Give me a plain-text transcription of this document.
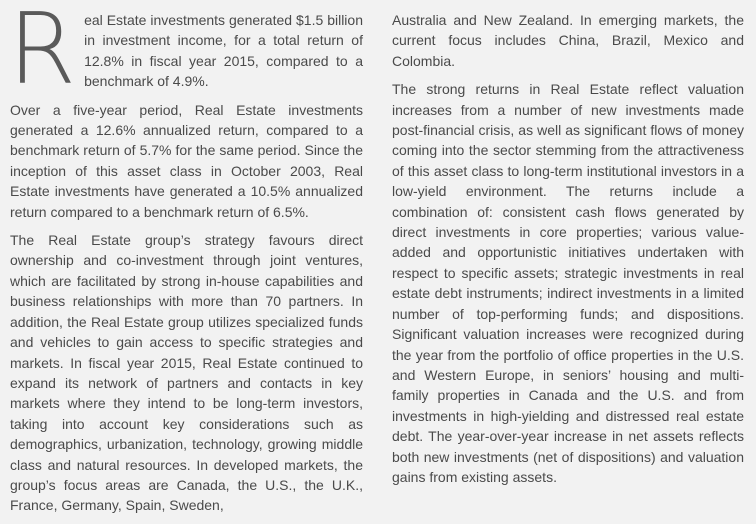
Real Estate investments generated $1.5 billion in investment income, for a total return of 12.8% in fiscal year 2015, compared to a benchmark of 4.9%.

Over a five-year period, Real Estate investments generated a 12.6% annualized return, compared to a benchmark return of 5.7% for the same period. Since the inception of this asset class in October 2003, Real Estate investments have generated a 10.5% annualized return compared to a benchmark return of 6.5%.

The Real Estate group’s strategy favours direct ownership and co-investment through joint ventures, which are facilitated by strong in-house capabilities and business relationships with more than 70 partners. In addition, the Real Estate group utilizes specialized funds and vehicles to gain access to specific strategies and markets. In fiscal year 2015, Real Estate continued to expand its network of partners and contacts in key markets where they intend to be long-term investors, taking into account key considerations such as demographics, urbanization, technology, growing middle class and natural resources. In developed markets, the group’s focus areas are Canada, the U.S., the U.K., France, Germany, Spain, Sweden,

Australia and New Zealand. In emerging markets, the current focus includes China, Brazil, Mexico and Colombia.

The strong returns in Real Estate reflect valuation increases from a number of new investments made post-financial crisis, as well as significant flows of money coming into the sector stemming from the attractiveness of this asset class to long-term institutional investors in a low-yield environment. The returns include a combination of: consistent cash flows generated by direct investments in core properties; various value-added and opportunistic initiatives undertaken with respect to specific assets; strategic investments in real estate debt instruments; indirect investments in a limited number of top-performing funds; and dispositions. Significant valuation increases were recognized during the year from the portfolio of office properties in the U.S. and Western Europe, in seniors’ housing and multi-family properties in Canada and the U.S. and from investments in high-yielding and distressed real estate debt. The year-over-year increase in net assets reflects both new investments (net of dispositions) and valuation gains from existing assets.
